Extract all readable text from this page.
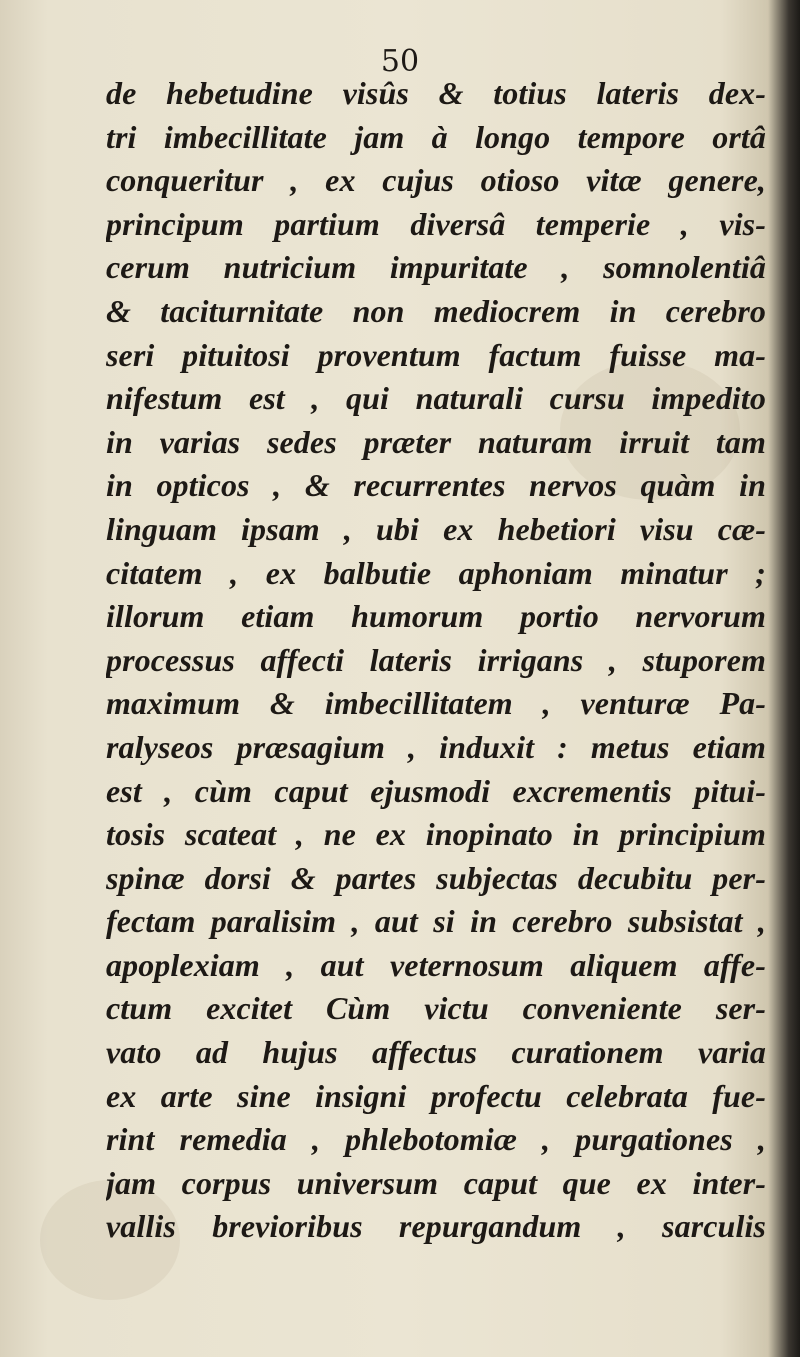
50
de hebetudine visûs & totius lateris dex-
tri imbecillitate jam à longo tempore ortâ
conqueritur , ex cujus otioso vitæ genere,
principum partium diversâ temperie , vis-
cerum nutricium impuritate , somnolentiâ
& taciturnitate non mediocrem in cerebro
seri pituitosi proventum factum fuisse ma-
nifestum est , qui naturali cursu impedito
in varias sedes præter naturam irruit tam
in opticos , & recurrentes nervos quàm in
linguam ipsam , ubi ex hebetiori visu cæ-
citatem , ex balbutie aphoniam minatur ;
illorum etiam humorum portio nervorum
processus affecti lateris irrigans , stuporem
maximum & imbecillitatem , venturæ Pa-
ralyseos præsagium , induxit : metus etiam
est , cùm caput ejusmodi excrementis pitui-
tosis scateat , ne ex inopinato in principium
spinæ dorsi & partes subjectas decubitu per-
fectam paralisim , aut si in cerebro subsistat ,
apoplexiam , aut veternosum aliquem affe-
ctum excitet Cùm victu conveniente ser-
vato ad hujus affectus curationem varia
ex arte sine insigni profectu celebrata fue-
rint remedia , phlebotomiæ , purgationes ,
jam corpus universum caput que ex inter-
vallis brevioribus repurgandum , sarculis
